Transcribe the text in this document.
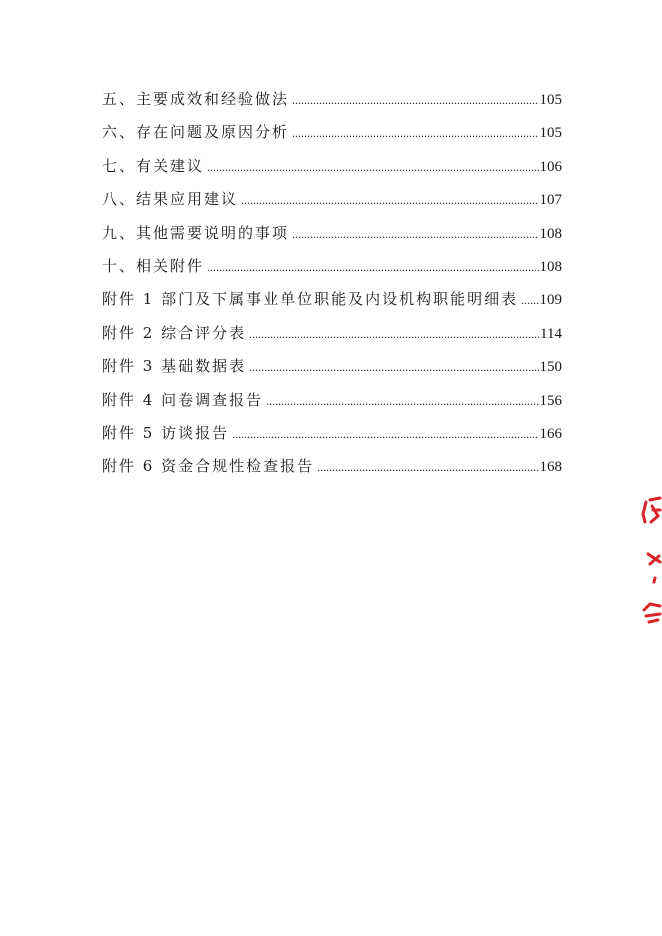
五、主要成效和经验做法 .....	105
六、存在问题及原因分析 .....	105
七、有关建议 .....	106
八、结果应用建议 .....	107
九、其他需要说明的事项 .....	108
十、相关附件 .....	108
附件 1 部门及下属事业单位职能及内设机构职能明细表 ..... 109
附件 2 综合评分表 .....	114
附件 3 基础数据表 .....	150
附件 4 问卷调查报告 .....	156
附件 5 访谈报告 .....	166
附件 6 资金合规性检查报告 .....	168
